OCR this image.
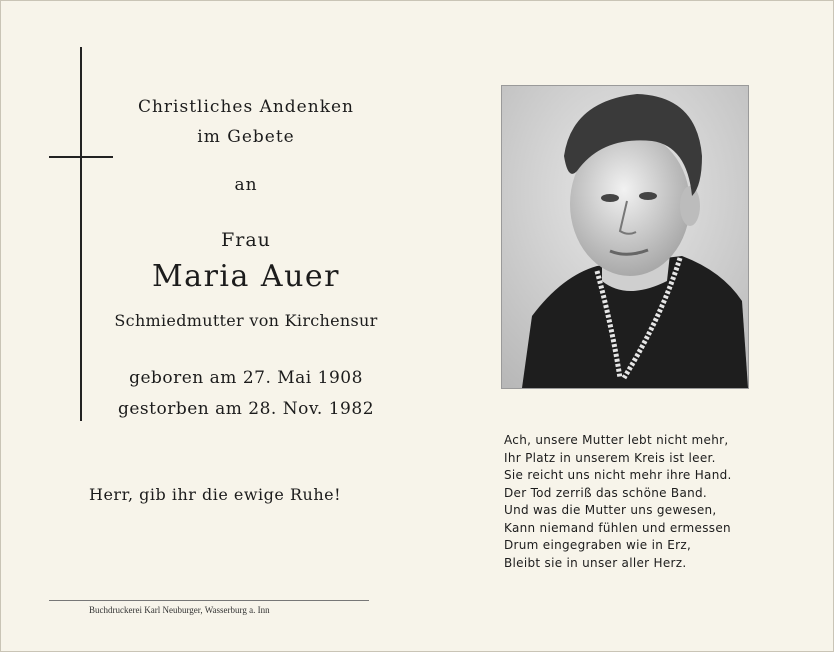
Christliches Andenken
im Gebete
an
Frau
Maria Auer
Schmiedmutter von Kirchensur
geboren am 27. Mai 1908
gestorben am 28. Nov. 1982
Herr, gib ihr die ewige Ruhe!
Buchdruckerei Karl Neuburger, Wasserburg a. Inn
Ach, unsere Mutter lebt nicht mehr,
Ihr Platz in unserem Kreis ist leer.
Sie reicht uns nicht mehr ihre Hand.
Der Tod zerriß das schöne Band.
Und was die Mutter uns gewesen,
Kann niemand fühlen und ermessen
Drum eingegraben wie in Erz,
Bleibt sie in unser aller Herz.
